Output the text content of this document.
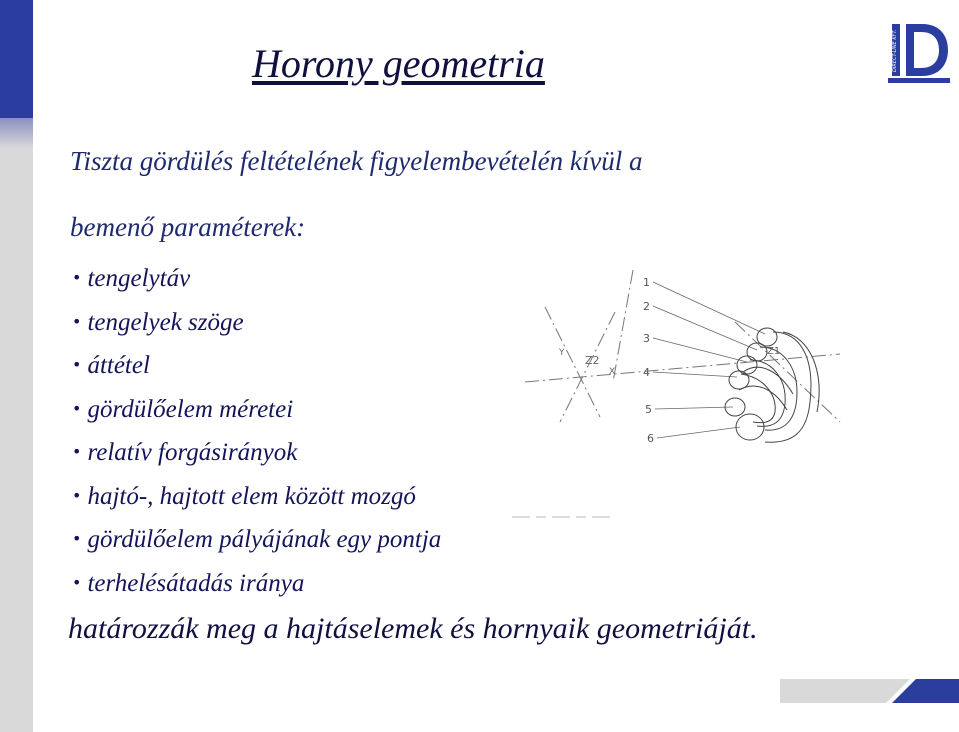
Horony geometria	DIRECT-LINE KFT.

Tiszta gördülés feltételének figyelembevételén kívül a

bemenő paraméterek:

• tengelytáv
• tengelyek szöge
• áttétel
• gördülőelem méretei
• relatív forgásirányok
• hajtó-, hajtott elem között mozgó
• gördülőelem pályájának egy pontja
• terhelésátadás iránya
Z2
X
Y	Z1
1
2
3
4
5
6

határozzák meg a hajtáselemek és hornyaik geometriáját.
